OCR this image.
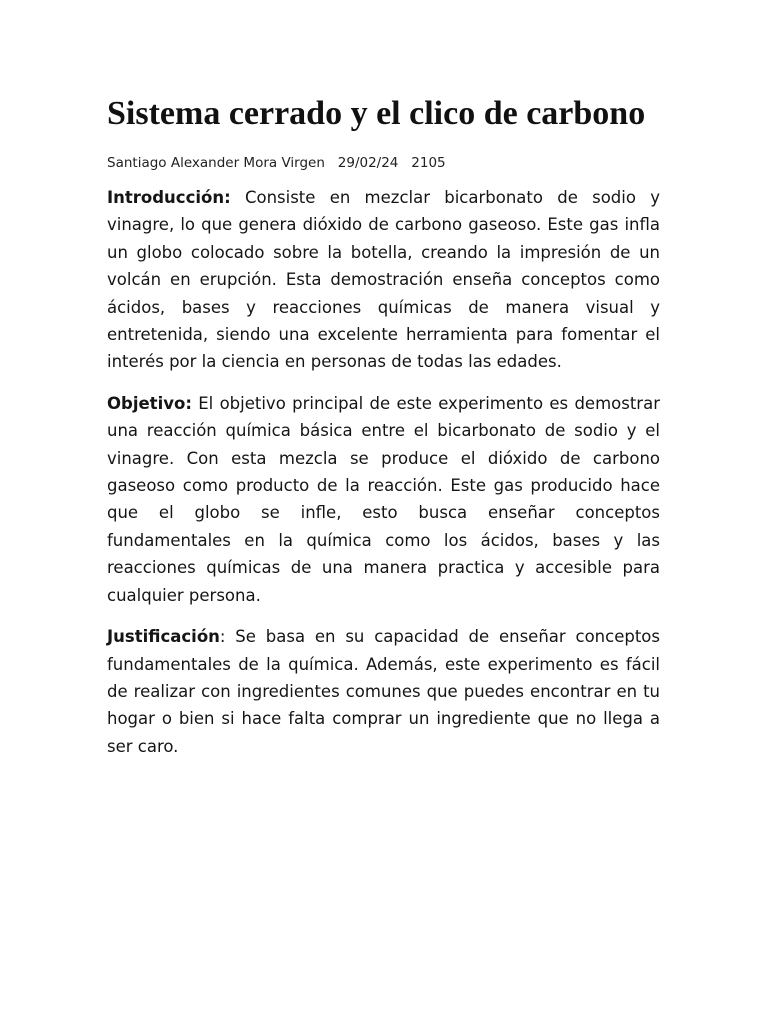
Sistema cerrado y el clico de carbono
Santiago Alexander Mora Virgen 29/02/24 2105

Introducción: Consiste en mezclar bicarbonato de sodio y vinagre, lo que genera dióxido de carbono gaseoso. Este gas infla un globo colocado sobre la botella, creando la impresión de un volcán en erupción. Esta demostración enseña conceptos como ácidos, bases y reacciones químicas de manera visual y entretenida, siendo una excelente herramienta para fomentar el interés por la ciencia en personas de todas las edades.

Objetivo: El objetivo principal de este experimento es demostrar una reacción química básica entre el bicarbonato de sodio y el vinagre. Con esta mezcla se produce el dióxido de carbono gaseoso como producto de la reacción. Este gas producido hace que el globo se infle, esto busca enseñar conceptos fundamentales en la química como los ácidos, bases y las reacciones químicas de una manera practica y accesible para cualquier persona.

Justificación: Se basa en su capacidad de enseñar conceptos fundamentales de la química. Además, este experimento es fácil de realizar con ingredientes comunes que puedes encontrar en tu hogar o bien si hace falta comprar un ingrediente que no llega a ser caro.
